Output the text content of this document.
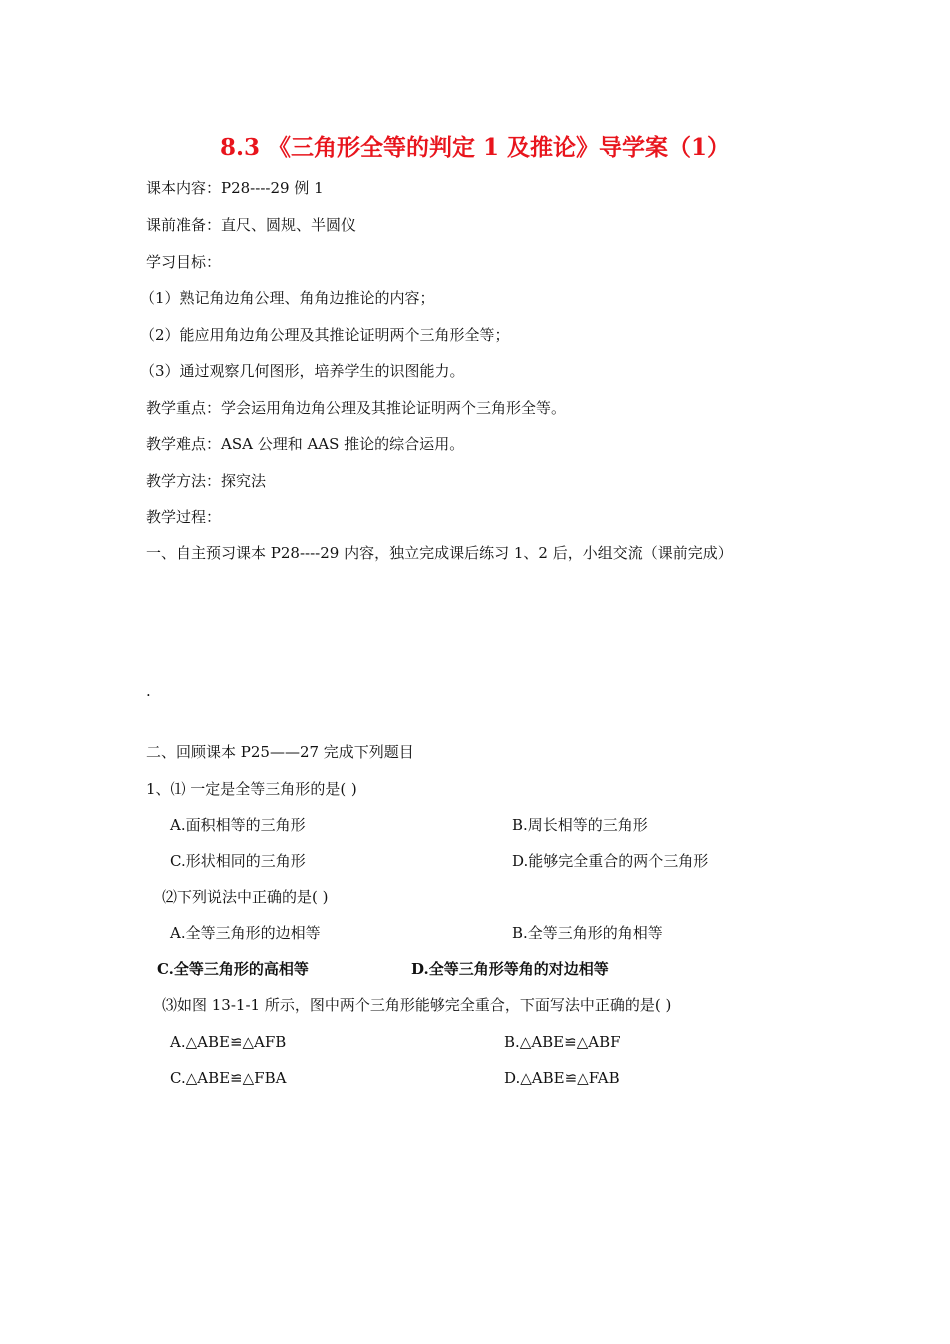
8.3 《三角形全等的判定 1 及推论》导学案（1）
课本内容：P28----29 例 1
课前准备：直尺、圆规、半圆仪
学习目标：
（1）熟记角边角公理、角角边推论的内容；
（2）能应用角边角公理及其推论证明两个三角形全等；
（3）通过观察几何图形，培养学生的识图能力。
教学重点：学会运用角边角公理及其推论证明两个三角形全等。
教学难点：ASA 公理和 AAS 推论的综合运用。
教学方法：探究法
教学过程：
一、自主预习课本 P28----29 内容，独立完成课后练习 1、2 后，小组交流（课前完成）
.
二、回顾课本 P25——27 完成下列题目
1、⑴ 一定是全等三角形的是( )
A.面积相等的三角形	B.周长相等的三角形
C.形状相同的三角形	D.能够完全重合的两个三角形
⑵下列说法中正确的是( )
A.全等三角形的边相等	B.全等三角形的角相等
C.全等三角形的高相等	D.全等三角形等角的对边相等
⑶如图 13-1-1 所示，图中两个三角形能够完全重合，下面写法中正确的是( )
A.△ABE≌△AFB	B.△ABE≌△ABF
C.△ABE≌△FBA	D.△ABE≌△FAB
